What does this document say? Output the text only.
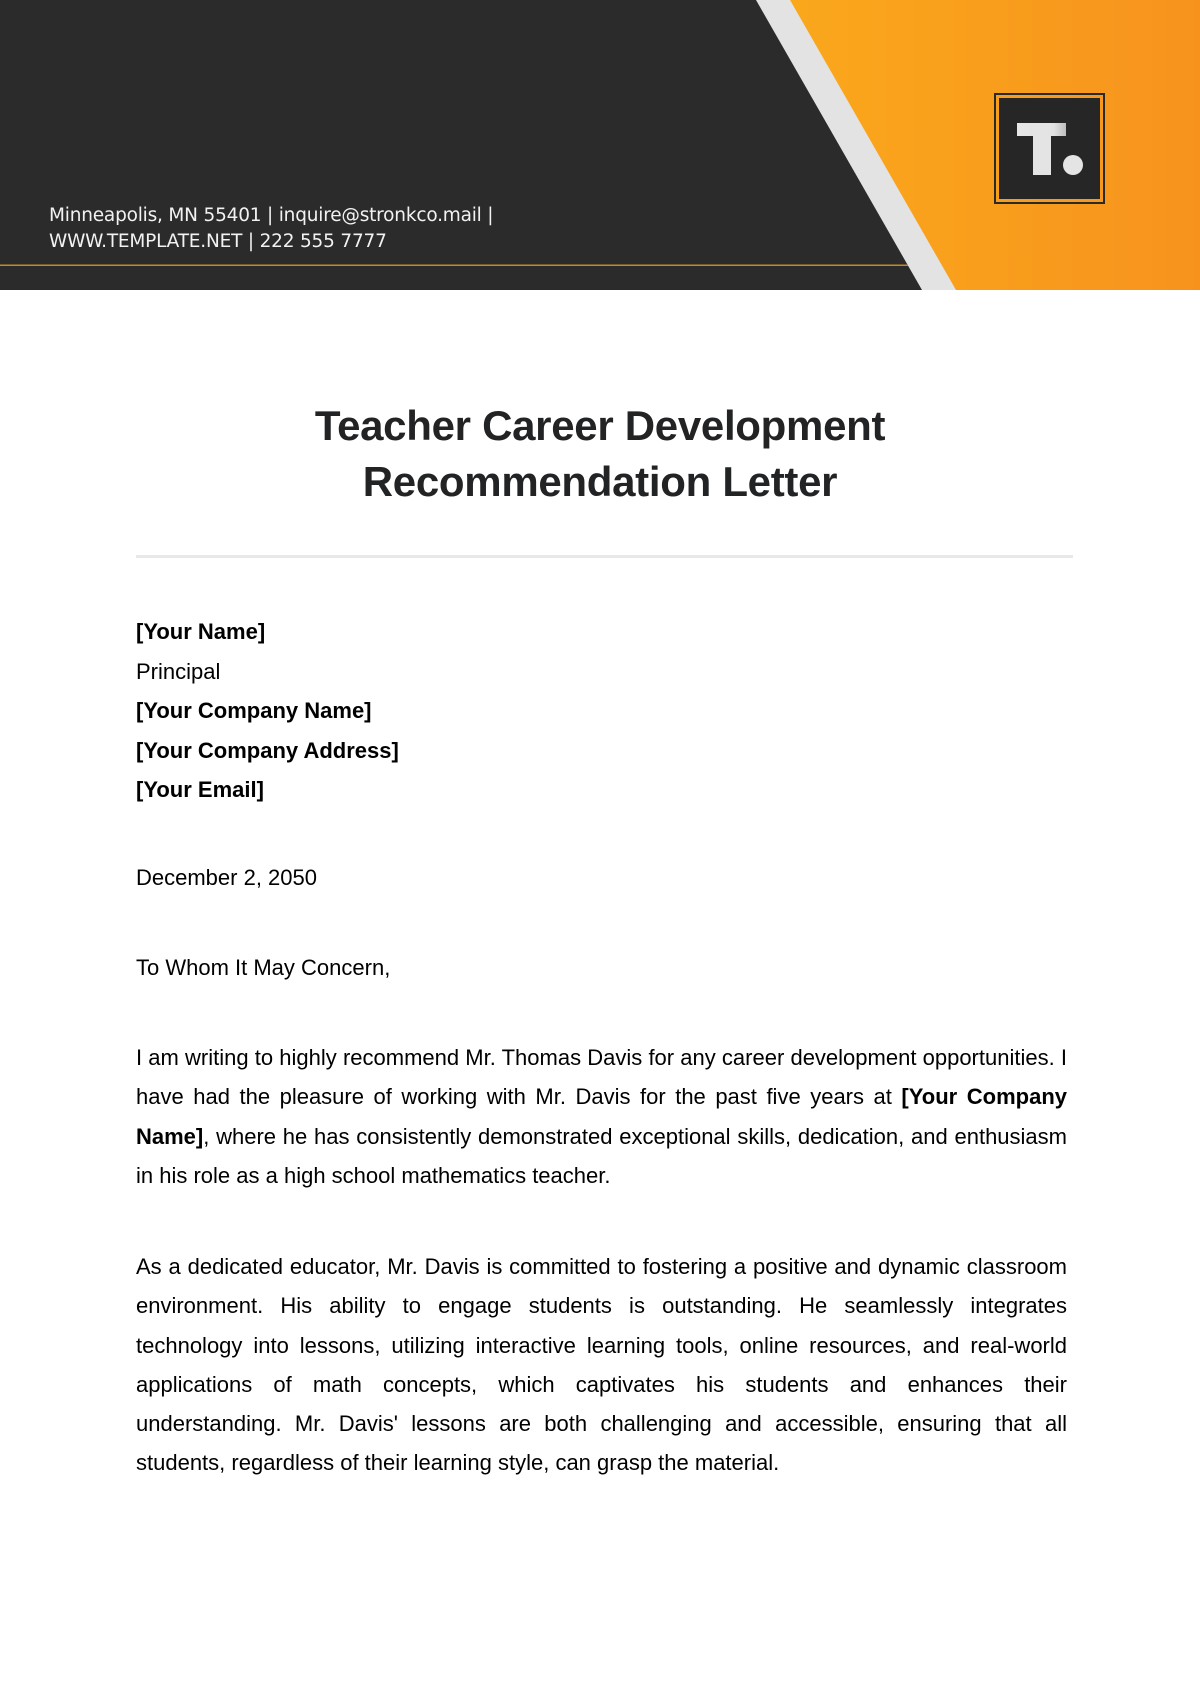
Minneapolis, MN 55401 | inquire@stronkco.mail |
WWW.TEMPLATE.NET | 222 555 7777
Teacher Career Development
Recommendation Letter
[Your Name]
Principal
[Your Company Name]
[Your Company Address]
[Your Email]
December 2, 2050
To Whom It May Concern,

I am writing to highly recommend Mr. Thomas Davis for any career development opportunities. I have had the pleasure of working with Mr. Davis for the past five years at [Your Company Name], where he has consistently demonstrated exceptional skills, dedication, and enthusiasm in his role as a high school mathematics teacher.

As a dedicated educator, Mr. Davis is committed to fostering a positive and dynamic classroom environment. His ability to engage students is outstanding. He seamlessly integrates technology into lessons, utilizing interactive learning tools, online resources, and real-world applications of math concepts, which captivates his students and enhances their understanding. Mr. Davis' lessons are both challenging and accessible, ensuring that all students, regardless of their learning style, can grasp the material.
